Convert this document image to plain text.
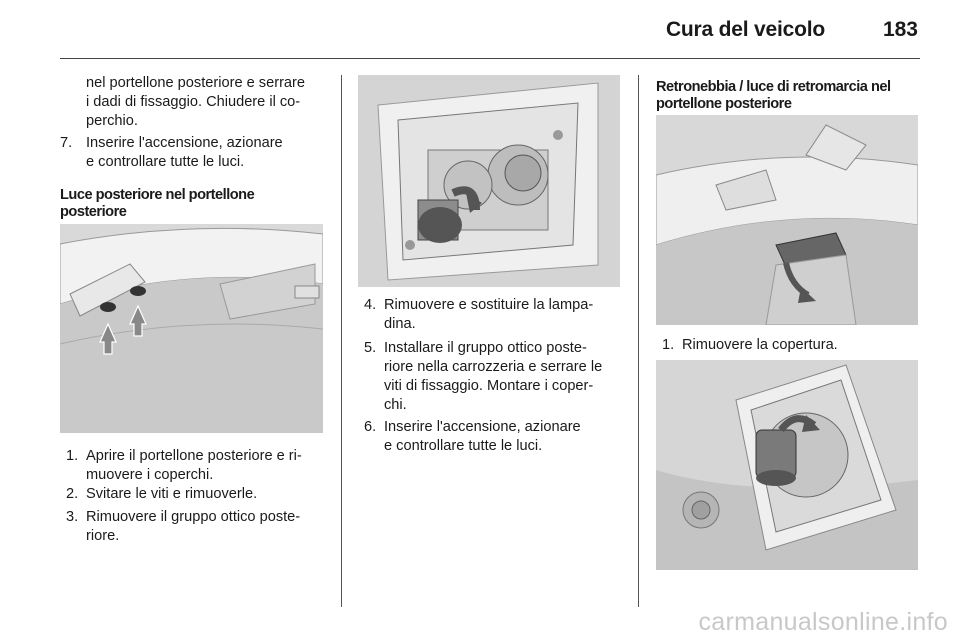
Cura del veicolo	183
nel portellone posteriore e serrare
i dadi di fissaggio. Chiudere il co-
perchio.
7. Inserire l'accensione, azionare
e controllare tutte le luci.
Luce posteriore nel portellone
posteriore
1. Aprire il portellone posteriore e ri-
muovere i coperchi.
2. Svitare le viti e rimuoverle.
3. Rimuovere il gruppo ottico poste-
riore.
4. Rimuovere e sostituire la lampa-
dina.
5. Installare il gruppo ottico poste-
riore nella carrozzeria e serrare le
viti di fissaggio. Montare i coper-
chi.
6. Inserire l'accensione, azionare
e controllare tutte le luci.
Retronebbia / luce di retromarcia nel
portellone posteriore
1. Rimuovere la copertura.
carmanualsonline.info
